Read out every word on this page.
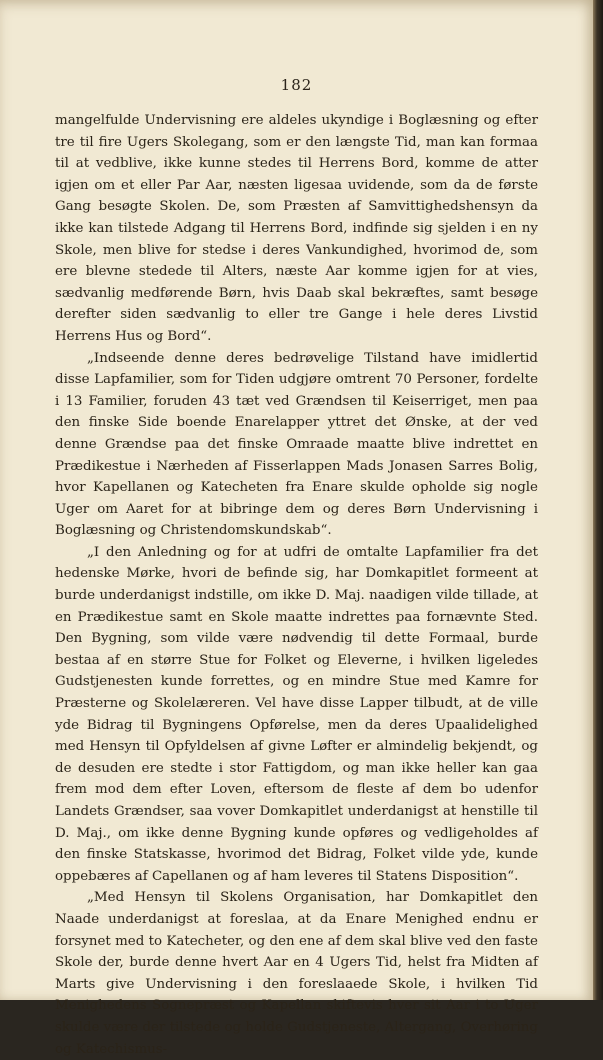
182

mangelfulde Undervisning ere aldeles ukyndige i Boglæsning og efter tre til fire Ugers Skolegang, som er den længste Tid, man kan formaa til at vedblive, ikke kunne stedes til Herrens Bord, komme de atter igjen om et eller Par Aar, næsten ligesaa uvidende, som da de første Gang besøgte Skolen. De, som Præsten af Samvittighedshensyn da ikke kan tilstede Adgang til Herrens Bord, indfinde sig sjelden i en ny Skole, men blive for stedse i deres Vankundighed, hvorimod de, som ere blevne stedede til Alters, næste Aar komme igjen for at vies, sædvanlig medførende Børn, hvis Daab skal bekræftes, samt besøge derefter siden sædvanlig to eller tre Gange i hele deres Livstid Herrens Hus og Bord“.

„Indseende denne deres bedrøvelige Tilstand have imidlertid disse Lapfamilier, som for Tiden udgjøre omtrent 70 Personer, fordelte i 13 Familier, foruden 43 tæt ved Grændsen til Keiserriget, men paa den finske Side boende Enarelapper yttret det Ønske, at der ved denne Grændse paa det finske Omraade maatte blive indrettet en Prædikestue i Nærheden af Fisserlappen Mads Jonasen Sarres Bolig, hvor Kapellanen og Katecheten fra Enare skulde opholde sig nogle Uger om Aaret for at bibringe dem og deres Børn Undervisning i Boglæsning og Christendomskundskab“.

„I den Anledning og for at udfri de omtalte Lapfamilier fra det hedenske Mørke, hvori de befinde sig, har Domkapitlet formeent at burde underdanigst indstille, om ikke D. Maj. naadigen vilde tillade, at en Prædikestue samt en Skole maatte indrettes paa fornævnte Sted. Den Bygning, som vilde være nødvendig til dette Formaal, burde bestaa af en større Stue for Folket og Eleverne, i hvilken ligeledes Gudstjenesten kunde forrettes, og en mindre Stue med Kamre for Præsterne og Skolelæreren. Vel have disse Lapper tilbudt, at de ville yde Bidrag til Bygningens Opførelse, men da deres Upaalidelighed med Hensyn til Opfyldelsen af givne Løfter er almindelig bekjendt, og de desuden ere stedte i stor Fattigdom, og man ikke heller kan gaa frem mod dem efter Loven, eftersom de fleste af dem bo udenfor Landets Grændser, saa vover Domkapitlet underdanigst at henstille til D. Maj., om ikke denne Bygning kunde opføres og vedligeholdes af den finske Statskasse, hvorimod det Bidrag, Folket vilde yde, kunde oppebæres af Capellanen og af ham leveres til Statens Disposition“.

„Med Hensyn til Skolens Organisation, har Domkapitlet den Naade underdanigst at foreslaa, at da Enare Menighed endnu er forsynet med to Katecheter, og den ene af dem skal blive ved den faste Skole der, burde denne hvert Aar en 4 Ugers Tid, helst fra Midten af Marts give Undervisning i den foreslaaede Skole, i hvilken Tid Menighedens Sognepræst og Kapellan skiftevis hver sit Aar i to Uger skulde være der tilstede og holde Gudstjeneste, Altergang, Overhøring og Katechismus-
